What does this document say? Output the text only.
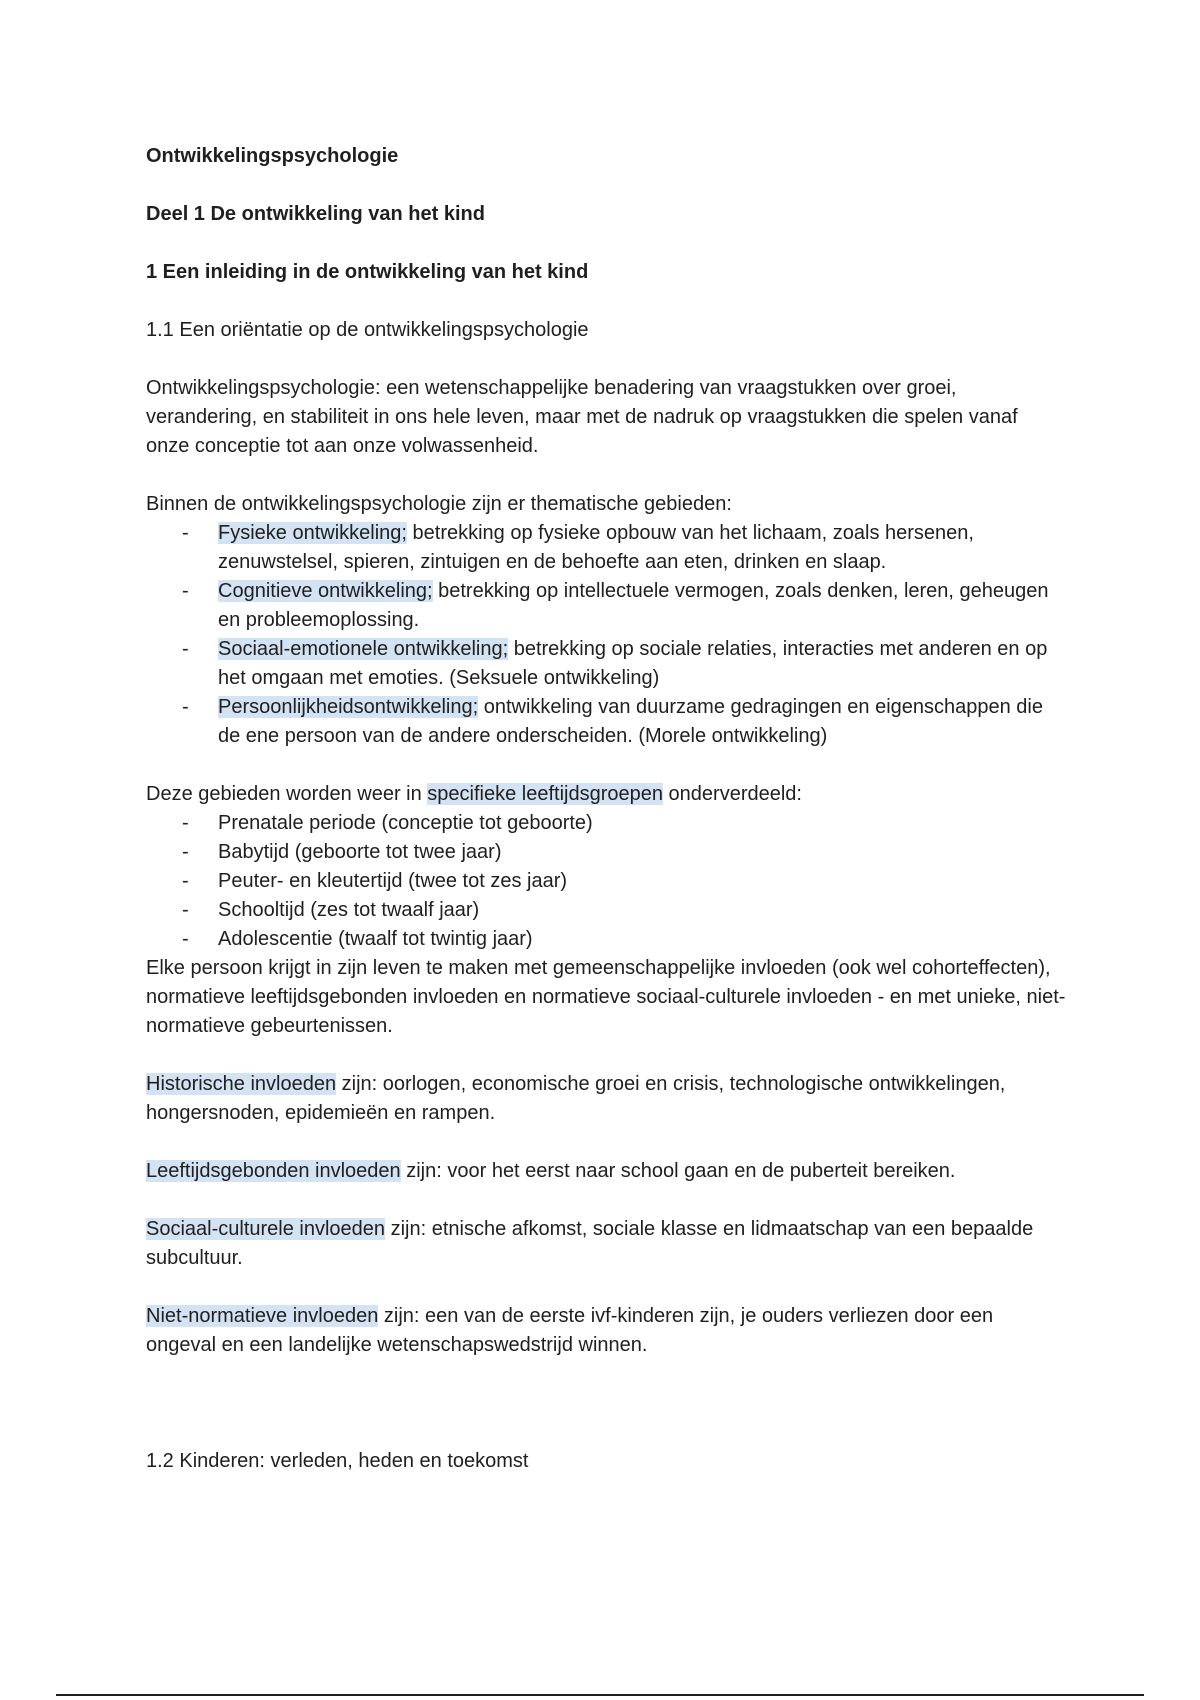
Ontwikkelingspsychologie

Deel 1 De ontwikkeling van het kind

1 Een inleiding in de ontwikkeling van het kind

1.1 Een oriëntatie op de ontwikkelingspsychologie

Ontwikkelingspsychologie: een wetenschappelijke benadering van vraagstukken over groei, verandering, en stabiliteit in ons hele leven, maar met de nadruk op vraagstukken die spelen vanaf onze conceptie tot aan onze volwassenheid.

Binnen de ontwikkelingspsychologie zijn er thematische gebieden:

- Fysieke ontwikkeling; betrekking op fysieke opbouw van het lichaam, zoals hersenen, zenuwstelsel, spieren, zintuigen en de behoefte aan eten, drinken en slaap.
- Cognitieve ontwikkeling; betrekking op intellectuele vermogen, zoals denken, leren, geheugen en probleemoplossing.
- Sociaal-emotionele ontwikkeling; betrekking op sociale relaties, interacties met anderen en op het omgaan met emoties. (Seksuele ontwikkeling)
- Persoonlijkheidsontwikkeling; ontwikkeling van duurzame gedragingen en eigenschappen die de ene persoon van de andere onderscheiden. (Morele ontwikkeling)

Deze gebieden worden weer in specifieke leeftijdsgroepen onderverdeeld:

- Prenatale periode (conceptie tot geboorte)
- Babytijd (geboorte tot twee jaar)
- Peuter- en kleutertijd (twee tot zes jaar)
- Schooltijd (zes tot twaalf jaar)
- Adolescentie (twaalf tot twintig jaar)

Elke persoon krijgt in zijn leven te maken met gemeenschappelijke invloeden (ook wel cohorteffecten), normatieve leeftijdsgebonden invloeden en normatieve sociaal-culturele invloeden - en met unieke, niet-normatieve gebeurtenissen.

Historische invloeden zijn: oorlogen, economische groei en crisis, technologische ontwikkelingen, hongersnoden, epidemieën en rampen.

Leeftijdsgebonden invloeden zijn: voor het eerst naar school gaan en de puberteit bereiken.

Sociaal-culturele invloeden zijn: etnische afkomst, sociale klasse en lidmaatschap van een bepaalde subcultuur.

Niet-normatieve invloeden zijn: een van de eerste ivf-kinderen zijn, je ouders verliezen door een ongeval en een landelijke wetenschapswedstrijd winnen.

1.2 Kinderen: verleden, heden en toekomst
